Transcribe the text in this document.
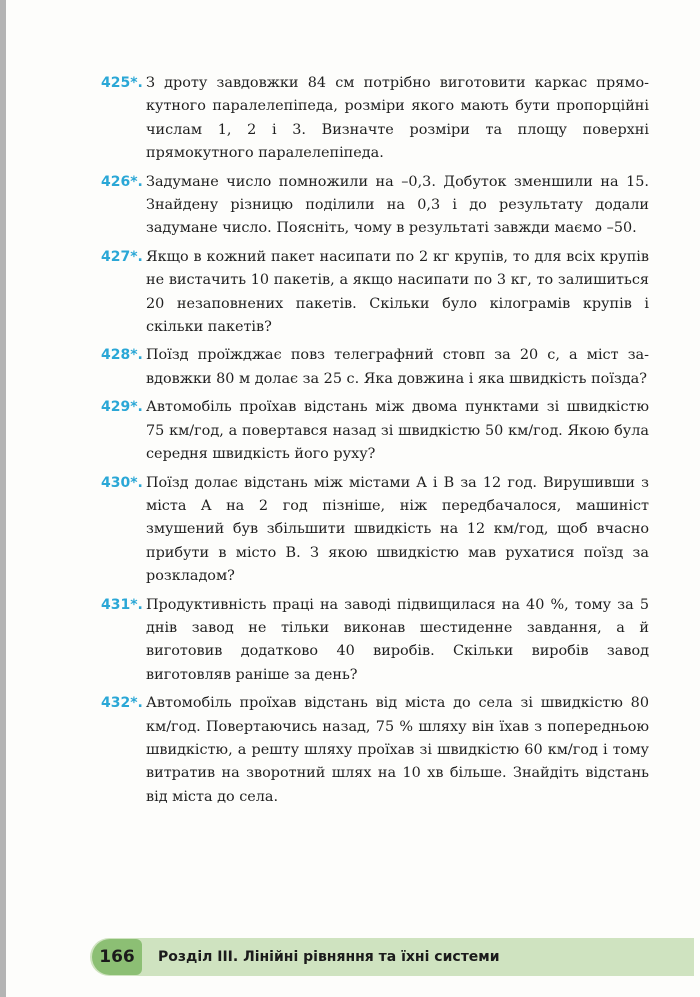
425*. З дроту завдовжки 84 см потрібно виготовити каркас прямокутного паралелепіпеда, розміри якого мають бути пропорційні числам 1, 2 і 3. Визначте розміри та площу поверхні прямокутного паралелепіпеда.
426*. Задумане число помножили на –0,3. Добуток зменшили на 15. Знайдену різницю поділили на 0,3 і до результату додали задумане число. Поясніть, чому в результаті завжди маємо –50.
427*. Якщо в кожний пакет насипати по 2 кг крупів, то для всіх крупів не вистачить 10 пакетів, а якщо насипати по 3 кг, то залишиться 20 незаповнених пакетів. Скільки було кілограмів крупів і скільки пакетів?
428*. Поїзд проїжджає повз телеграфний стовп за 20 с, а міст завдовжки 80 м долає за 25 с. Яка довжина і яка швидкість поїзда?
429*. Автомобіль проїхав відстань між двома пунктами зі швидкістю 75 км/год, а повертався назад зі швидкістю 50 км/год. Якою була середня швидкість його руху?
430*. Поїзд долає відстань між містами A і B за 12 год. Вирушивши з міста A на 2 год пізніше, ніж передбачалося, машиніст змушений був збільшити швидкість на 12 км/год, щоб вчасно прибути в місто B. З якою швидкістю мав рухатися поїзд за розкладом?
431*. Продуктивність праці на заводі підвищилася на 40 %, тому за 5 днів завод не тільки виконав шестиденне завдання, а й виготовив додатково 40 виробів. Скільки виробів завод виготовляв раніше за день?
432*. Автомобіль проїхав відстань від міста до села зі швидкістю 80 км/год. Повертаючись назад, 75 % шляху він їхав з попередньою швидкістю, а решту шляху проїхав зі швидкістю 60 км/год і тому витратив на зворотний шлях на 10 хв більше. Знайдіть відстань від міста до села.
166	Розділ III. Лінійні рівняння та їхні системи
